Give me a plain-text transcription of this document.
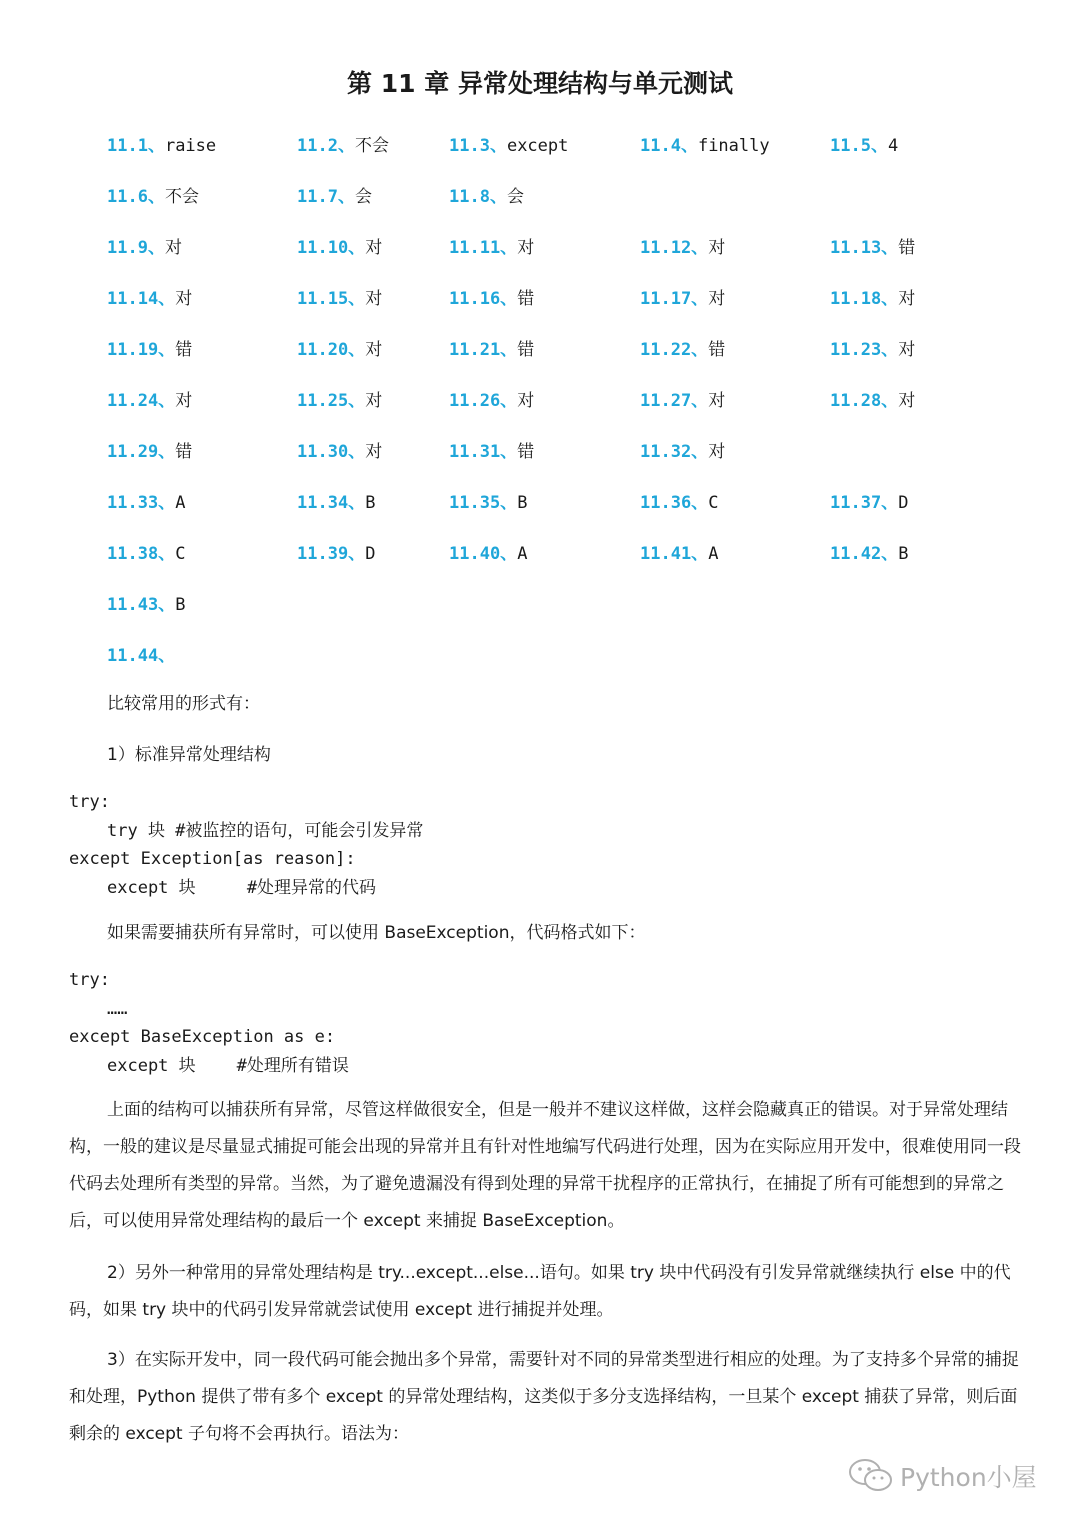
第 11 章 异常处理结构与单元测试
11.1、raise	11.2、不会	11.3、except	11.4、finally	11.5、4
11.6、不会	11.7、会	11.8、会
11.9、对	11.10、对	11.11、对	11.12、对	11.13、错
11.14、对	11.15、对	11.16、错	11.17、对	11.18、对
11.19、错	11.20、对	11.21、错	11.22、错	11.23、对
11.24、对	11.25、对	11.26、对	11.27、对	11.28、对
11.29、错	11.30、对	11.31、错	11.32、对
11.33、A	11.34、B	11.35、B	11.36、C	11.37、D
11.38、C	11.39、D	11.40、A	11.41、A	11.42、B
11.43、B
11.44、
比较常用的形式有：
1）标准异常处理结构
try:
try 块 #被监控的语句，可能会引发异常
except Exception[as reason]:
except 块     #处理异常的代码
如果需要捕获所有异常时，可以使用 BaseException，代码格式如下：
try:
……
except BaseException as e:
except 块    #处理所有错误
上面的结构可以捕获所有异常，尽管这样做很安全，但是一般并不建议这样做，这样会隐藏真正的错误。对于异常处理结构，一般的建议是尽量显式捕捉可能会出现的异常并且有针对性地编写代码进行处理，因为在实际应用开发中，很难使用同一段代码去处理所有类型的异常。当然，为了避免遗漏没有得到处理的异常干扰程序的正常执行，在捕捉了所有可能想到的异常之后，可以使用异常处理结构的最后一个 except 来捕捉 BaseException。
2）另外一种常用的异常处理结构是 try...except...else...语句。如果 try 块中代码没有引发异常就继续执行 else 中的代码，如果 try 块中的代码引发异常就尝试使用 except 进行捕捉并处理。
3）在实际开发中，同一段代码可能会抛出多个异常，需要针对不同的异常类型进行相应的处理。为了支持多个异常的捕捉和处理，Python 提供了带有多个 except 的异常处理结构，这类似于多分支选择结构，一旦某个 except 捕获了异常，则后面剩余的 except 子句将不会再执行。语法为：
Python小屋
